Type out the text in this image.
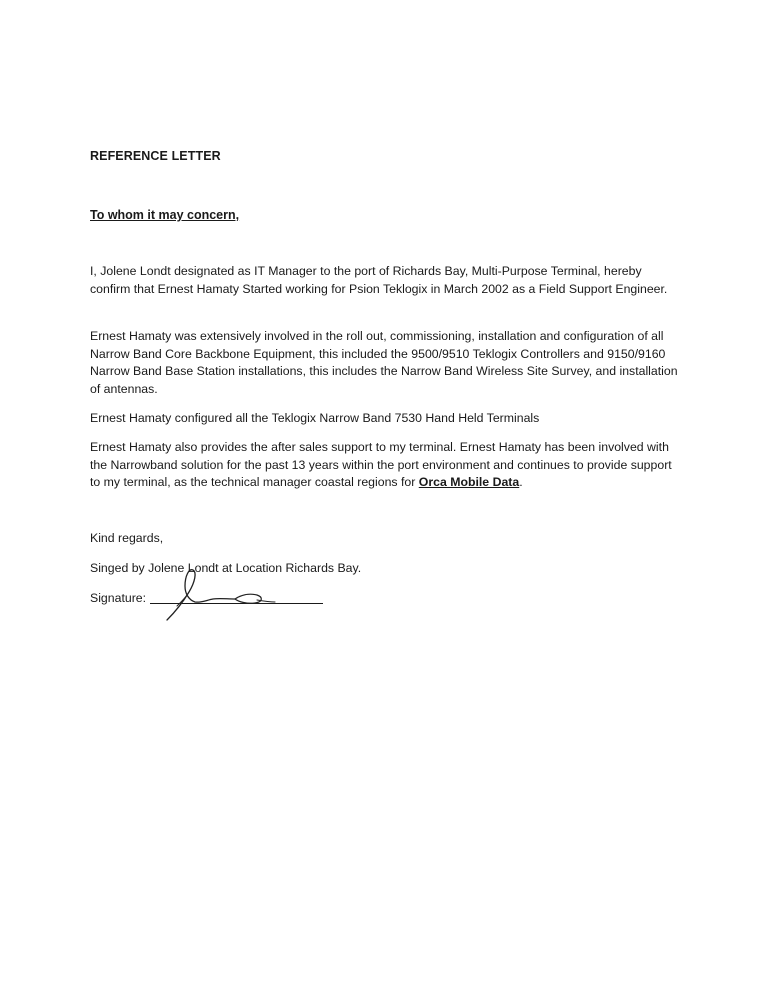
REFERENCE LETTER
To whom it may concern,

I, Jolene Londt designated as IT Manager to the port of Richards Bay, Multi-Purpose Terminal, hereby confirm that Ernest Hamaty Started working for Psion Teklogix in March 2002 as a Field Support Engineer.

Ernest Hamaty was extensively involved in the roll out, commissioning, installation and configuration of all Narrow Band Core Backbone Equipment, this included the 9500/9510 Teklogix Controllers and 9150/9160 Narrow Band Base Station installations, this includes the Narrow Band Wireless Site Survey, and installation of antennas.

Ernest Hamaty configured all the Teklogix Narrow Band 7530 Hand Held Terminals

Ernest Hamaty also provides the after sales support to my terminal. Ernest Hamaty has been involved with the Narrowband solution for the past 13 years within the port environment and continues to provide support to my terminal, as the technical manager coastal regions for Orca Mobile Data.

Kind regards,
Singed by Jolene Londt at Location Richards Bay.
Signature:
